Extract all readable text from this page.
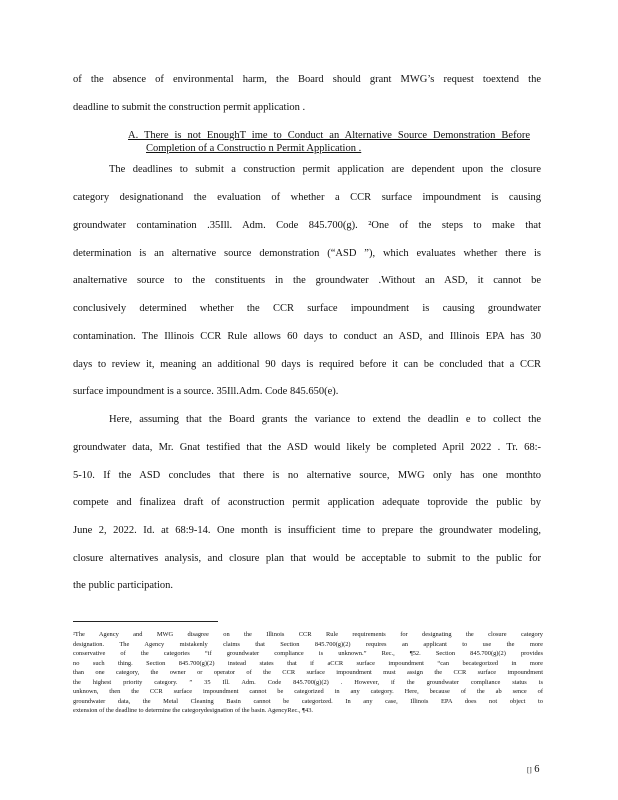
of the absence of environmental harm, the Board should grant MWG’s request toextend the
deadline to submit the construction permit application .
A. There is not EnoughT ime to Conduct an Alternative Source Demonstration Before
Completion of a Constructio n Permit Application .
The deadlines to submit a construction permit application are dependent upon the closure
category designationand the evaluation of whether a CCR surface impoundment is causing
groundwater contamination .35Ill. Adm. Code 845.700(g). ²One of the steps to make that
determination is an alternative source demonstration (“ASD ”), which evaluates whether there is
analternative source to the constituents in the groundwater .Without an ASD, it cannot be
conclusively determined whether the CCR surface impoundment is causing groundwater
contamination. The Illinois CCR Rule allows 60 days to conduct an ASD, and Illinois EPA has 30
days to review it, meaning an additional 90 days is required before it can be concluded that a CCR
surface impoundment is a source. 35Ill.Adm. Code 845.650(e).
Here, assuming that the Board grants the variance to extend the deadlin e to collect the
groundwater data, Mr. Gnat testified that the ASD would likely be completed April 2022 . Tr. 68:-
5-10. If the ASD concludes that there is no alternative source, MWG only has one monthto
compete and finalizea draft of aconstruction permit application adequate toprovide the public by
June 2, 2022. Id. at 68:9-14. One month is insufficient time to prepare the groundwater modeling,
closure alternatives analysis, and closure plan that would be acceptable to submit to the public for
the public participation.
²The Agency and MWG disagree on the Illinois CCR Rule requirements for designating the closure category
designation. The Agency mistakenly claims that Section 845.700(g)(2) requires an applicant to use the more
conservative of the categories “if groundwater compliance is unknown.” Rec., ¶52. Section 845.700(g)(2) provides
no such thing. Section 845.700(g)(2) instead states that if aCCR surface impoundment “can becategorized in more
than one category, the owner or operator of the CCR surface impoundment must assign the CCR surface impoundment
the highest priority category. ” 35 Ill. Adm. Code 845.700(g)(2) . However, if the groundwater compliance status is
unknown, then the CCR surface impoundment cannot be categorized in any category. Here, because of the ab sence of
groundwater data, the Metal Cleaning Basin cannot be categorized. In any case, Illinois EPA does not object to
extension of the deadline to determine the categorydesignation of the basin. AgencyRec., ¶43.
[] 6
